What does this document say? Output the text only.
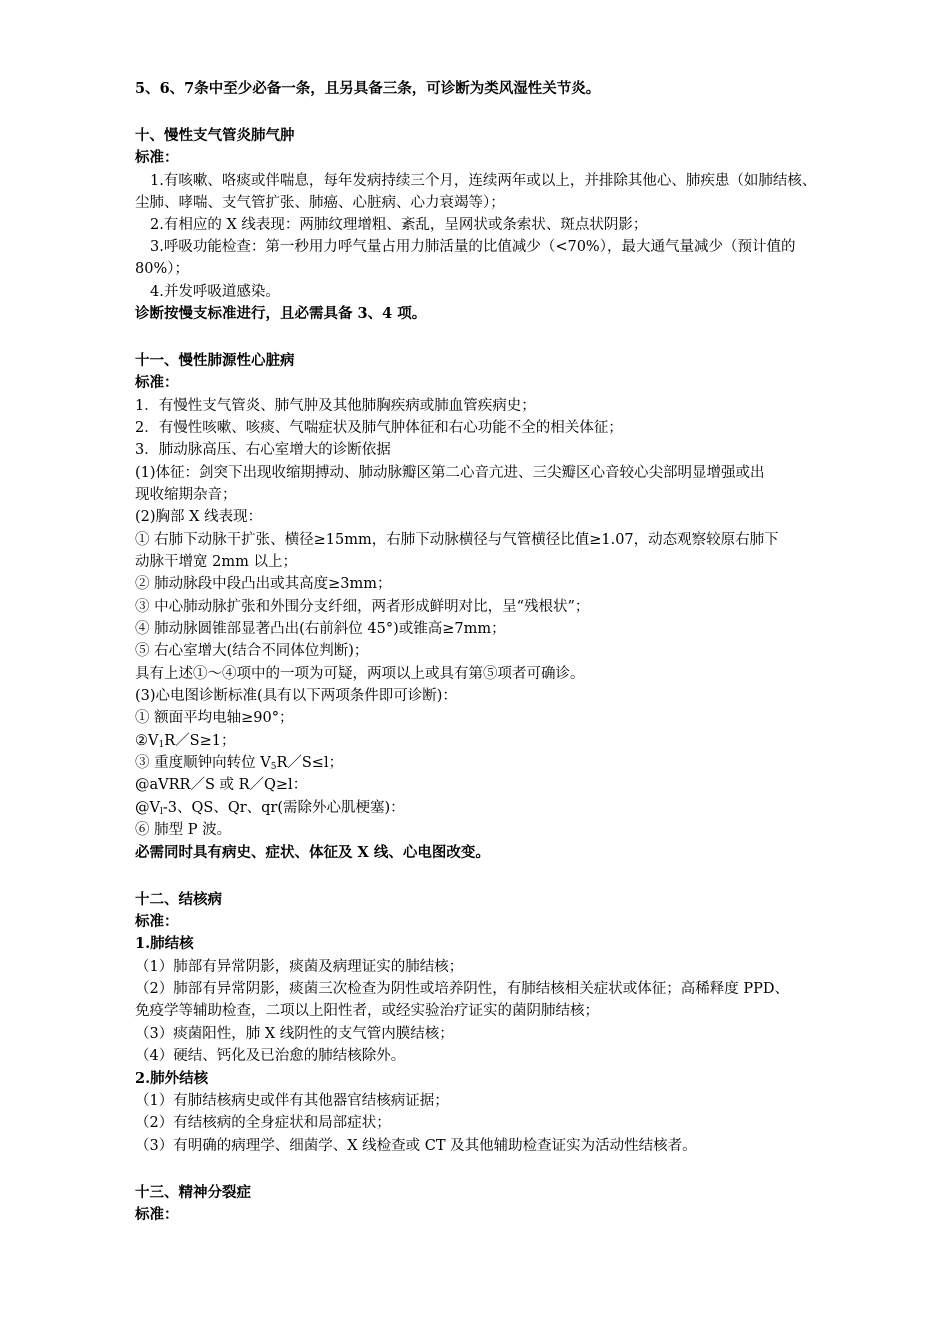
5、6、7条中至少必备一条，且另具备三条，可诊断为类风湿性关节炎。
十、慢性支气管炎肺气肿
标准：
1.有咳嗽、咯痰或伴喘息，每年发病持续三个月，连续两年或以上，并排除其他心、肺疾患（如肺结核、
尘肺、哮喘、支气管扩张、肺癌、心脏病、心力衰竭等）；
2.有相应的 X 线表现：两肺纹理增粗、紊乱，呈网状或条索状、斑点状阴影；
3.呼吸功能检查：第一秒用力呼气量占用力肺活量的比值减少（<70%），最大通气量减少（预计值的
80%）；
4.并发呼吸道感染。
诊断按慢支标准进行，且必需具备 3、4 项。
十一、慢性肺源性心脏病
标准：
1．有慢性支气管炎、肺气肿及其他肺胸疾病或肺血管疾病史；
2．有慢性咳嗽、咳痰、气喘症状及肺气肿体征和右心功能不全的相关体征；
3．肺动脉高压、右心室增大的诊断依据
(1)体征：剑突下出现收缩期搏动、肺动脉瓣区第二心音亢进、三尖瓣区心音较心尖部明显增强或出
现收缩期杂音；
(2)胸部 X 线表现：
① 右肺下动脉干扩张、横径≥15mm，右肺下动脉横径与气管横径比值≥1.07，动态观察较原右肺下
动脉干增宽 2mm 以上；
② 肺动脉段中段凸出或其高度≥3mm；
③ 中心肺动脉扩张和外围分支纤细，两者形成鲜明对比，呈“残根状”；
④ 肺动脉圆锥部显著凸出(右前斜位 45°)或锥高≥7mm；
⑤ 右心室增大(结合不同体位判断)；
具有上述①～④项中的一项为可疑，两项以上或具有第⑤项者可确诊。
(3)心电图诊断标准(具有以下两项条件即可诊断)：
① 额面平均电轴≥90°；
$②V_1R/S\ge 1$；
③ 重度顺钟向转位 $V_5R/S\le l$；
@aVRR／S 或 R／Q≥l：
$@V_l-3$、QS、Qr、qr(需除外心肌梗塞)：
⑥ 肺型 P 波。
必需同时具有病史、症状、体征及 X 线、心电图改变。
十二、结核病
标准：
1.肺结核
（1）肺部有异常阴影，痰菌及病理证实的肺结核；
（2）肺部有异常阴影，痰菌三次检查为阴性或培养阴性，有肺结核相关症状或体征；高稀释度 PPD、
免疫学等辅助检查，二项以上阳性者，或经实验治疗证实的菌阴肺结核；
（3）痰菌阳性，肺 X 线阴性的支气管内膜结核；
（4）硬结、钙化及已治愈的肺结核除外。
2.肺外结核
（1）有肺结核病史或伴有其他器官结核病证据；
（2）有结核病的全身症状和局部症状；
（3）有明确的病理学、细菌学、X 线检查或 CT 及其他辅助检查证实为活动性结核者。
十三、精神分裂症
标准：
